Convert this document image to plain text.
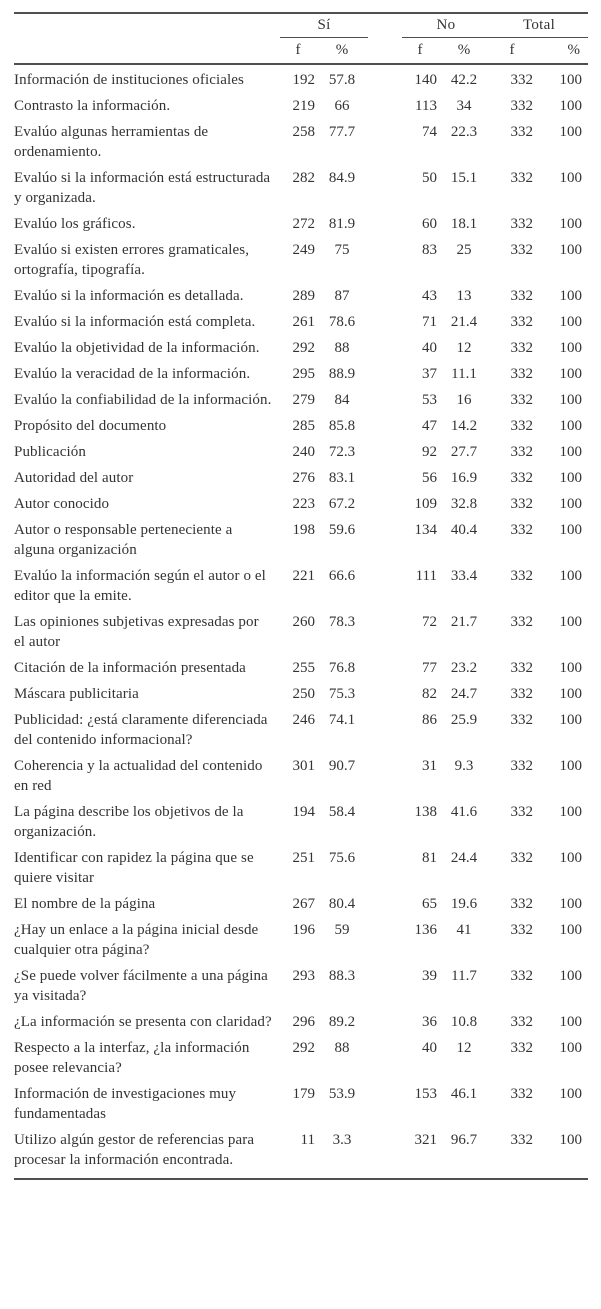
	Sí			No		Total	
	f	%		f	%	f	%
Información de instituciones oficiales	192	57.8		140	42.2	332	100
Contrasto la información.	219	66		113	34	332	100
Evalúo algunas herramientas de ordenamiento.	258	77.7		74	22.3	332	100
Evalúo si la información está estructurada y organizada.	282	84.9		50	15.1	332	100
Evalúo los gráficos.	272	81.9		60	18.1	332	100
Evalúo si existen errores gramaticales, ortografía, tipografía.	249	75		83	25	332	100
Evalúo si la información es detallada.	289	87		43	13	332	100
Evalúo si la información está completa.	261	78.6		71	21.4	332	100
Evalúo la objetividad de la información.	292	88		40	12	332	100
Evalúo la veracidad de la información.	295	88.9		37	11.1	332	100
Evalúo la confiabilidad de la información.	279	84		53	16	332	100
Propósito del documento	285	85.8		47	14.2	332	100
Publicación	240	72.3		92	27.7	332	100
Autoridad del autor	276	83.1		56	16.9	332	100
Autor conocido	223	67.2		109	32.8	332	100
Autor o responsable perteneciente a alguna organización	198	59.6		134	40.4	332	100
Evalúo la información según el autor o el editor que la emite.	221	66.6		111	33.4	332	100
Las opiniones subjetivas expresadas por el autor	260	78.3		72	21.7	332	100
Citación de la información presentada	255	76.8		77	23.2	332	100
Máscara publicitaria	250	75.3		82	24.7	332	100
Publicidad: ¿está claramente diferenciada del contenido informacional?	246	74.1		86	25.9	332	100
Coherencia y la actualidad del contenido en red	301	90.7		31	9.3	332	100
La página describe los objetivos de la organización.	194	58.4		138	41.6	332	100
Identificar con rapidez la página que se quiere visitar	251	75.6		81	24.4	332	100
El nombre de la página	267	80.4		65	19.6	332	100
¿Hay un enlace a la página inicial desde cualquier otra página?	196	59		136	41	332	100
¿Se puede volver fácilmente a una página ya visitada?	293	88.3		39	11.7	332	100
¿La información se presenta con claridad?	296	89.2		36	10.8	332	100
Respecto a la interfaz, ¿la información posee relevancia?	292	88		40	12	332	100
Información de investigaciones muy fundamentadas	179	53.9		153	46.1	332	100
Utilizo algún gestor de referencias para procesar la información encontrada.	11	3.3		321	96.7	332	100
